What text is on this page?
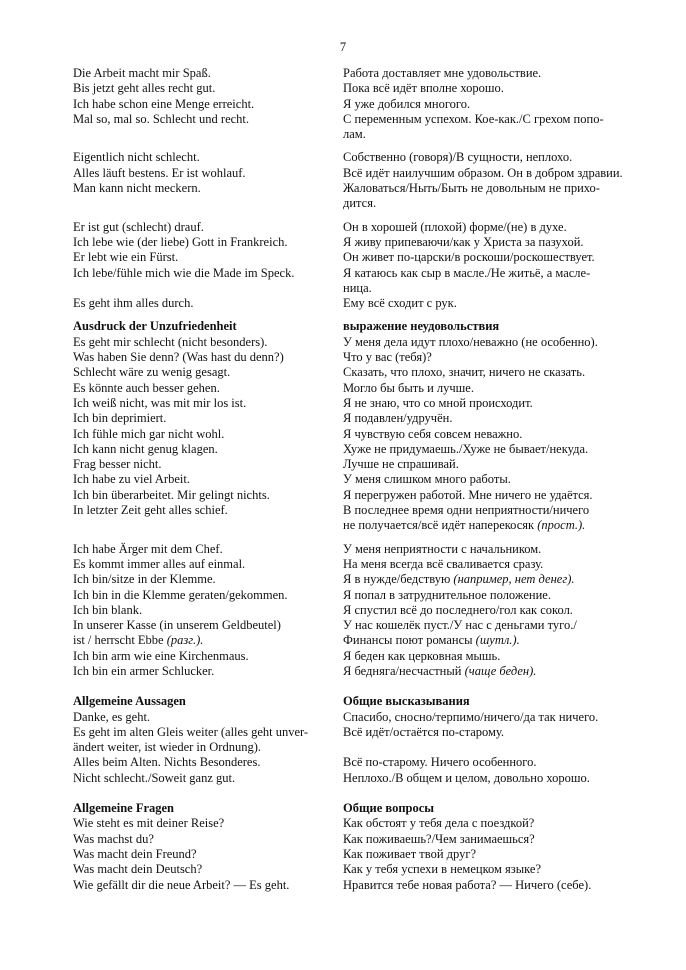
7
Die Arbeit macht mir Spaß.
Bis jetzt geht alles recht gut.
Ich habe schon eine Menge erreicht.
Mal so, mal so. Schlecht und recht.
Eigentlich nicht schlecht.
Alles läuft bestens. Er ist wohlauf.
Man kann nicht meckern.
Er ist gut (schlecht) drauf.
Ich lebe wie (der liebe) Gott in Frankreich.
Er lebt wie ein Fürst.
Ich lebe/fühle mich wie die Made im Speck.
Es geht ihm alles durch.
Ausdruck der Unzufriedenheit
Es geht mir schlecht (nicht besonders).
Was haben Sie denn? (Was hast du denn?)
Schlecht wäre zu wenig gesagt.
Es könnte auch besser gehen.
Ich weiß nicht, was mit mir los ist.
Ich bin deprimiert.
Ich fühle mich gar nicht wohl.
Ich kann nicht genug klagen.
Frag besser nicht.
Ich habe zu viel Arbeit.
Ich bin überarbeitet. Mir gelingt nichts.
In letzter Zeit geht alles schief.
Ich habe Ärger mit dem Chef.
Es kommt immer alles auf einmal.
Ich bin/sitze in der Klemme.
Ich bin in die Klemme geraten/gekommen.
Ich bin blank.
In unserer Kasse (in unserem Geldbeutel)
ist / herrscht Ebbe (разг.).
Ich bin arm wie eine Kirchenmaus.
Ich bin ein armer Schlucker.
Allgemeine Aussagen
Danke, es geht.
Es geht im alten Gleis weiter (alles geht unver-
ändert weiter, ist wieder in Ordnung).
Alles beim Alten. Nichts Besonderes.
Nicht schlecht./Soweit ganz gut.
Allgemeine Fragen
Wie steht es mit deiner Reise?
Was machst du?
Was macht dein Freund?
Was macht dein Deutsch?
Wie gefällt dir die neue Arbeit? — Es geht.
Работа доставляет мне удовольствие.
Пока всё идёт вполне хорошо.
Я уже добился многого.
С переменным успехом. Кое-как./С грехом попо-
лам.
Собственно (говоря)/В сущности, неплохо.
Всё идёт наилучшим образом. Он в добром здравии.
Жаловаться/Ныть/Быть не довольным не прихо-
дится.
Он в хорошей (плохой) форме/(не) в духе.
Я живу припеваючи/как у Христа за пазухой.
Он живет по-царски/в роскоши/роскошествует.
Я катаюсь как сыр в масле./Не житьё, а масле-
ница.
Ему всё сходит с рук.
выражение неудовольствия
У меня дела идут плохо/неважно (не особенно).
Что у вас (тебя)?
Сказать, что плохо, значит, ничего не сказать.
Могло бы быть и лучше.
Я не знаю, что со мной происходит.
Я подавлен/удручён.
Я чувствую себя совсем неважно.
Хуже не придумаешь./Хуже не бывает/некуда.
Лучше не спрашивай.
У меня слишком много работы.
Я перегружен работой. Мне ничего не удаётся.
В последнее время одни неприятности/ничего
не получается/всё идёт наперекосяк (прост.).
У меня неприятности с начальником.
На меня всегда всё сваливается сразу.
Я в нужде/бедствую (например, нет денег).
Я попал в затруднительное положение.
Я спустил всё до последнего/гол как сокол.
У нас кошелёк пуст./У нас с деньгами туго./
Финансы поют романсы (шутл.).
Я беден как церковная мышь.
Я бедняга/несчастный (чаще беден).
Общие высказывания
Спасибо, сносно/терпимо/ничего/да так ничего.
Всё идёт/остаётся по-старому.
Всё по-старому. Ничего особенного.
Неплохо./В общем и целом, довольно хорошо.
Общие вопросы
Как обстоят у тебя дела с поездкой?
Как поживаешь?/Чем занимаешься?
Как поживает твой друг?
Как у тебя успехи в немецком языке?
Нравится тебе новая работа? — Ничего (себе).
